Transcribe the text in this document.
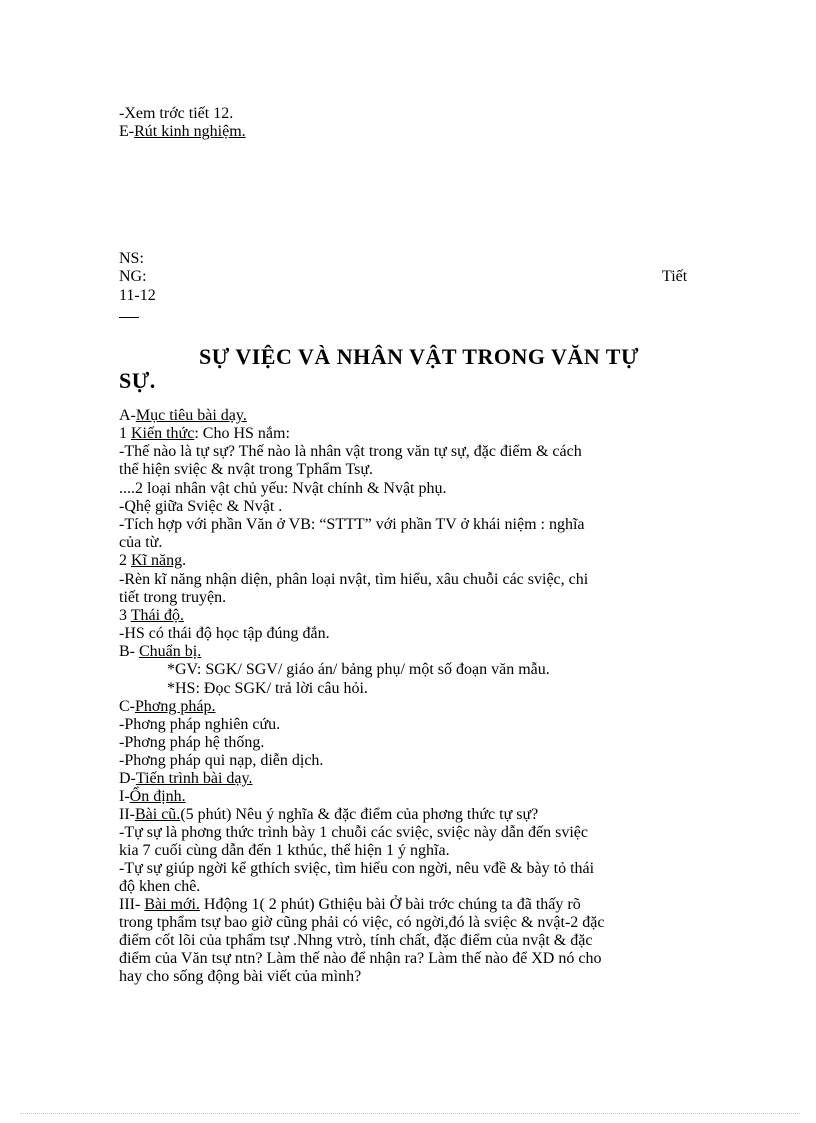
-Xem trớc tiết 12.
E-Rút kinh nghiệm.
NS:
NG:	Tiết
11-12
SỰ VIỆC VÀ NHÂN VẬT TRONG VĂN TỰ
SỰ.
A-Mục tiêu bài dạy.
1 Kiến thức: Cho HS nắm:
-Thế nào là tự sự? Thế nào là nhân vật trong văn tự sự, đặc điểm & cách
thể hiện sviệc & nvật trong Tphẩm Tsự.
....2 loại nhân vật chủ yếu: Nvật chính & Nvật phụ.
-Qhệ giữa Sviệc & Nvật .
-Tích hợp với phần Văn ở VB: “STTT” với phần TV ở khái niệm : nghĩa
của từ.
2 Kĩ năng.
-Rèn kĩ năng nhận diện, phân loại nvật, tìm hiểu, xâu chuỗi các sviệc, chi
tiết trong truyện.
3 Thái độ.
-HS có thái độ học tập đúng đắn.
B- Chuẩn bị.
*GV: SGK/ SGV/ giáo án/ bảng phụ/ một số đoạn văn mẫu.
*HS: Đọc SGK/ trả lời câu hỏi.
C-Phơng pháp.
-Phơng pháp nghiên cứu.
-Phơng pháp hệ thống.
-Phơng pháp qui nạp, diễn dịch.
D-Tiến trình bài dạy.
I-Ổn định.
II-Bài cũ.(5 phút) Nêu ý nghĩa & đặc điểm của phơng thức tự sự?
-Tự sự là phơng thức trình bày 1 chuỗi các sviệc, sviệc này dẫn đến sviệc
kia 7 cuối cùng dẫn đến 1 kthúc, thể hiện 1 ý nghĩa.
-Tự sự giúp ngời kể gthích sviệc, tìm hiểu con ngời, nêu vđề & bày tỏ thái
độ khen chê.
III- Bài mới. Hđộng 1( 2 phút) Gthiệu bài Ở bài trớc chúng ta đã thấy rõ
trong tphẩm tsự bao giờ cũng phải có việc, có ngời,đó là sviệc & nvật-2 đặc
điểm cốt lõi của tphẩm tsự .Nhng vtrò, tính chất, đặc điểm của nvật & đặc
điểm của Văn tsự ntn? Làm thế nào để nhận ra? Làm thế nào để XD nó cho
hay cho sống động bài viết của mình?
